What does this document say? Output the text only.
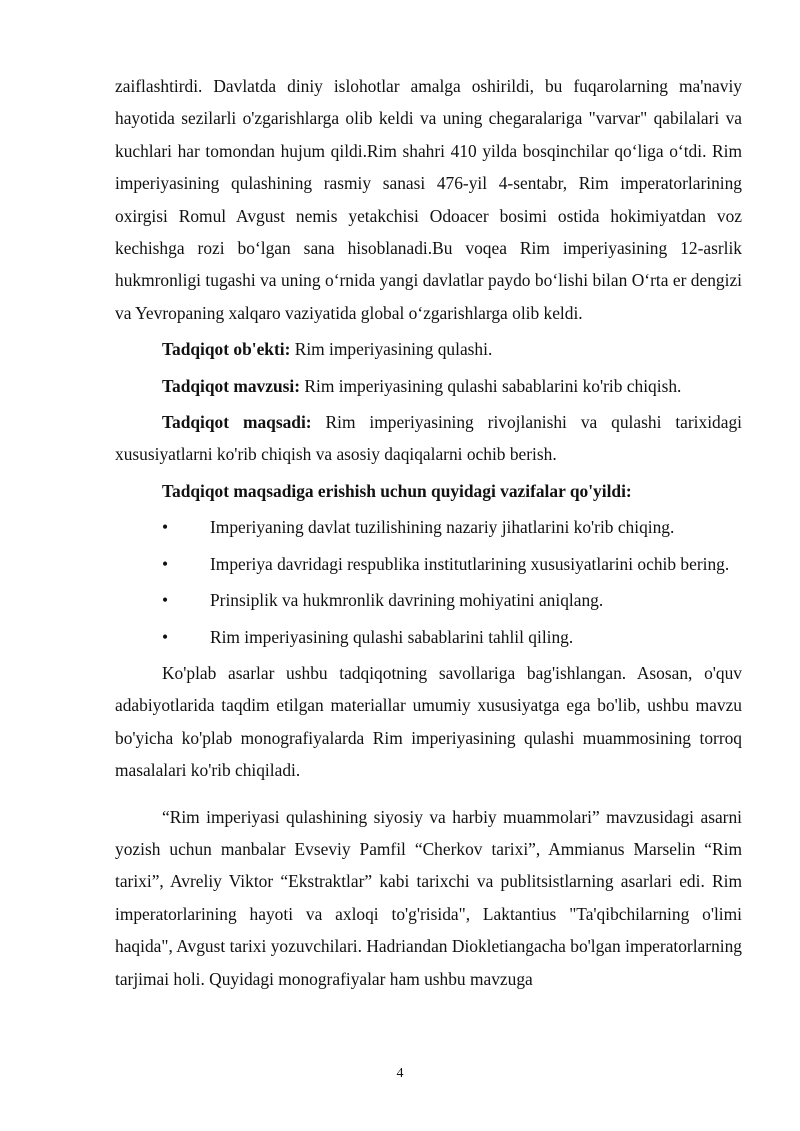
zaiflashtirdi. Davlatda diniy islohotlar amalga oshirildi, bu fuqarolarning ma'naviy hayotida sezilarli o'zgarishlarga olib keldi va uning chegaralariga "varvar" qabilalari va kuchlari har tomondan hujum qildi.Rim shahri 410 yilda bosqinchilar qo‘liga o‘tdi. Rim imperiyasining qulashining rasmiy sanasi 476-yil 4-sentabr, Rim imperatorlarining oxirgisi Romul Avgust nemis yetakchisi Odoacer bosimi ostida hokimiyatdan voz kechishga rozi bo‘lgan sana hisoblanadi.Bu voqea Rim imperiyasining 12-asrlik hukmronligi tugashi va uning o‘rnida yangi davlatlar paydo bo‘lishi bilan O‘rta er dengizi va Yevropaning xalqaro vaziyatida global o‘zgarishlarga olib keldi.

Tadqiqot ob'ekti: Rim imperiyasining qulashi.

Tadqiqot mavzusi: Rim imperiyasining qulashi sabablarini ko'rib chiqish.

Tadqiqot maqsadi: Rim imperiyasining rivojlanishi va qulashi tarixidagi xususiyatlarni ko'rib chiqish va asosiy daqiqalarni ochib berish.

Tadqiqot maqsadiga erishish uchun quyidagi vazifalar qo'yildi:

•	Imperiyaning davlat tuzilishining nazariy jihatlarini ko'rib chiqing.
•	Imperiya davridagi respublika institutlarining xususiyatlarini ochib bering.
•	Prinsiplik va hukmronlik davrining mohiyatini aniqlang.
•	Rim imperiyasining qulashi sabablarini tahlil qiling.

Ko'plab asarlar ushbu tadqiqotning savollariga bag'ishlangan. Asosan, o'quv adabiyotlarida taqdim etilgan materiallar umumiy xususiyatga ega bo'lib, ushbu mavzu bo'yicha ko'plab monografiyalarda Rim imperiyasining qulashi muammosining torroq masalalari ko'rib chiqiladi.

“Rim imperiyasi qulashining siyosiy va harbiy muammolari” mavzusidagi asarni yozish uchun manbalar Evseviy Pamfil “Cherkov tarixi”, Ammianus Marselin “Rim tarixi”, Avreliy Viktor “Ekstraktlar” kabi tarixchi va publitsistlarning asarlari edi. Rim imperatorlarining hayoti va axloqi to'g'risida", Laktantius "Ta'qibchilarning o'limi haqida", Avgust tarixi yozuvchilari. Hadriandan Diokletiangacha bo'lgan imperatorlarning tarjimai holi. Quyidagi monografiyalar ham ushbu mavzuga

4
